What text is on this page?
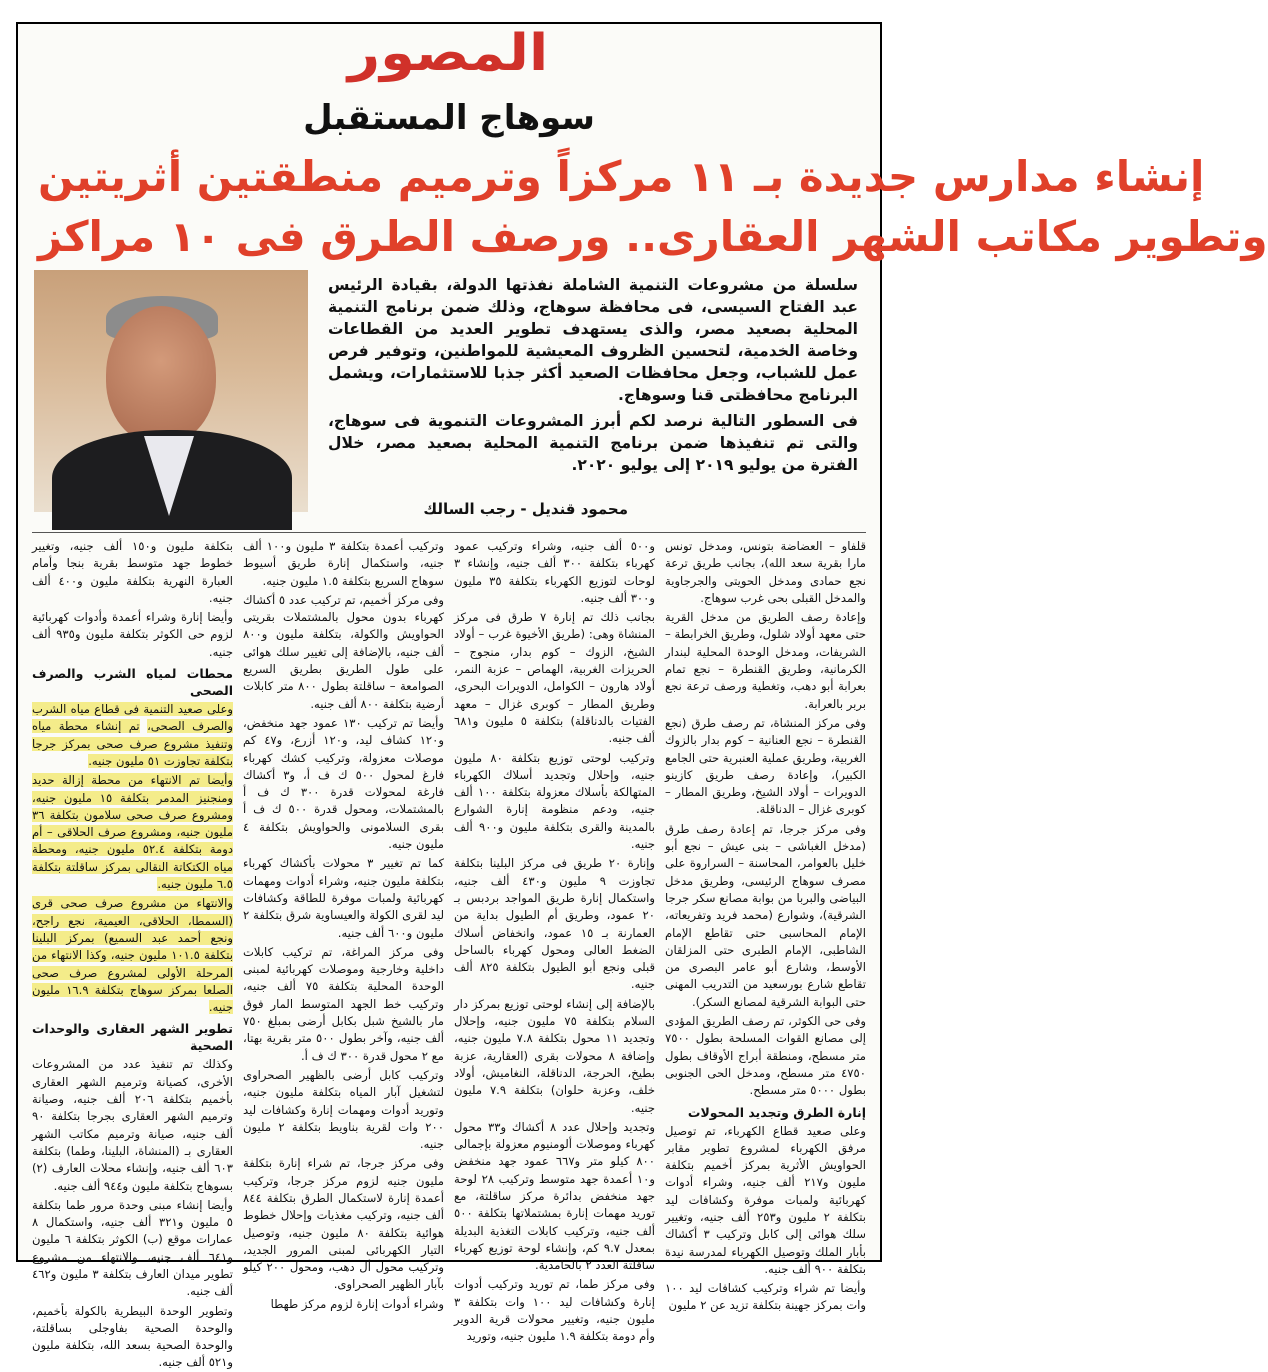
المصور
سوهاج المستقبل
إنشاء مدارس جديدة بـ ١١ مركزاً وترميم منطقتين أثريتين
وتطوير مكاتب الشهر العقارى.. ورصف الطرق فى ١٠ مراكز

سلسلة من مشروعات التنمية الشاملة نفذتها الدولة، بقيادة الرئيس عبد الفتاح السيسى، فى محافظة سوهاج، وذلك ضمن برنامج التنمية المحلية بصعيد مصر، والذى يستهدف تطوير العديد من القطاعات وخاصة الخدمية، لتحسين الظروف المعيشية للمواطنين، وتوفير فرص عمل للشباب، وجعل محافظات الصعيد أكثر جذبا للاستثمارات، ويشمل البرنامج محافظتى قنا وسوهاج.

فى السطور التالية نرصد لكم أبرز المشروعات التنموية فى سوهاج، والتى تم تنفيذها ضمن برنامج التنمية المحلية بصعيد مصر، خلال الفترة من يوليو ٢٠١٩ إلى يوليو ٢٠٢٠.

محمود قنديل - رجب السالك

قلفاو – العضاضة بتونس، ومدخل تونس مارا بقرية سعد الله)، بجانب طريق ترعة نجع حمادى ومدخل الحويتى والجرجاوية والمدخل القبلى بحى غرب سوهاج.

وإعادة رصف الطريق من مدخل القرية حتى معهد أولاد شلول، وطريق الخرابطة – الشريفات، ومدخل الوحدة المحلية لبندار الكرمانية، وطريق القنطرة – نجع تمام بعرابة أبو دهب، وتغطية ورصف ترعة نجع بربر بالعرابة.

وفى مركز المنشاة، تم رصف طرق (نجع القنطرة – نجع العنانية – كوم بدار بالزوك الغربية، وطريق عملية العنبرية حتى الجامع الكبير)، وإعادة رصف طريق كازينو الدويرات – أولاد الشيخ، وطريق المطار – كوبرى غزال – الدناقلة.

وفى مركز جرجا، تم إعادة رصف طرق (مدخل الغباشى – بنى عيش – نجع أبو خليل بالعوامر، المحاسنة – السراروة على مصرف سوهاج الرئيسى، وطريق مدخل البياضى والبربا من بوابة مصانع سكر جرجا الشرقية)، وشوارع (محمد فريد وتفريعاته، الإمام المحاسبى حتى تقاطع الإمام الشاطبى، الإمام الطبرى حتى المزلقان الأوسط، وشارع أبو عامر البصرى من تقاطع شارع بورسعيد من التدريب المهنى حتى البوابة الشرقية لمصانع السكر).

وفى حى الكوثر، تم رصف الطريق المؤدى إلى مصانع القوات المسلحة بطول ٧٥٠٠ متر مسطح، ومنطقة أبراج الأوقاف بطول ٤٧٥٠ متر مسطح، ومدخل الحى الجنوبى بطول ٥٠٠٠ متر مسطح.

إنارة الطرق وتجديد المحولات

وعلى صعيد قطاع الكهرباء، تم توصيل مرفق الكهرباء لمشروع تطوير مقابر الحواويش الأثرية بمركز أخميم بتكلفة مليون و٢١٧ ألف جنيه، وشراء أدوات كهربائية ولمبات موفرة وكشافات ليد بتكلفة ٢ مليون و٢٥٣ ألف جنيه، وتغيير سلك هوائى إلى كابل وتركيب ٣ أكشاك بأبار الملك وتوصيل الكهرباء لمدرسة نيدة بتكلفة ٩٠٠ ألف جنيه.

وأيضا تم شراء وتركيب كشافات ليد ١٠٠ وات بمركز جهينة بتكلفة تزيد عن ٢ مليون

و٥٠٠ ألف جنيه، وشراء وتركيب عمود كهرباء بتكلفة ٣٠٠ ألف جنيه، وإنشاء ٣ لوحات لتوزيع الكهرباء بتكلفة ٣٥ مليون و٣٠٠ ألف جنيه.

بجانب ذلك تم إنارة ٧ طرق فى مركز المنشاة وهى: (طريق الأخيوة غرب – أولاد الشيخ، الزوك – كوم بدار، منجوج – الحريزات الغربية، الهماص – عزبة النمر، أولاد هارون – الكوامل، الدويرات البحرى، وطريق المطار – كوبرى غزال – معهد الفتيات بالدناقلة) بتكلفة ٥ مليون و٦٨١ ألف جنيه.

وتركيب لوحتى توزيع بتكلفة ٨٠ مليون جنيه، وإحلال وتجديد أسلاك الكهرباء المتهالكة بأسلاك معزولة بتكلفة ١٠٠ ألف جنيه، ودعم منظومة إنارة الشوارع بالمدينة والقرى بتكلفة مليون و٩٠٠ ألف جنيه.

وإنارة ٢٠ طريق فى مركز البلينا بتكلفة تجاوزت ٩ مليون و٤٣٠ ألف جنيه، واستكمال إنارة طريق المواجد بردبس بـ ٢٠ عمود، وطريق أم الطيول بداية من العمارنة بـ ١٥ عمود، وانخفاض أسلاك الضغط العالى ومحول كهرباء بالساحل قبلى ونجع أبو الطيول بتكلفة ٨٢٥ ألف جنيه.

بالإضافة إلى إنشاء لوحتى توزيع بمركز دار السلام بتكلفة ٧٥ مليون جنيه، وإحلال وتجديد ١١ محول بتكلفة ٧.٨ مليون جنيه، وإضافة ٨ محولات بقرى (العقارية، عزبة بطيخ، الحرجة، الدناقلة، النغاميش، أولاد خلف، وعزبة حلوان) بتكلفة ٧.٩ مليون جنيه.

وتجديد وإحلال عدد ٨ أكشاك و٣٣ محول كهرباء وموصلات ألومنيوم معزولة بإجمالى ٨٠٠ كيلو متر و٦٦٧ عمود جهد منخفض و١٠ أعمدة جهد متوسط وتركيب ٢٨ لوحة جهد منخفض بدائرة مركز ساقلتة، مع توريد مهمات إنارة بمشتملاتها بتكلفة ٥٠٠ ألف جنيه، وتركيب كابلات التغذية البديلة بمعدل ٩.٧ كم، وإنشاء لوحة توزيع كهرباء ساقلتة العدد ٢ بالحامدية.

وفى مركز طما، تم توريد وتركيب أدوات إنارة وكشافات ليد ١٠٠ وات بتكلفة ٣ مليون جنيه، وتغيير محولات قرية الدوير وأم دومة بتكلفة ١.٩ مليون جنيه، وتوريد

وتركيب أعمدة بتكلفة ٣ مليون و١٠٠ ألف جنيه، واستكمال إنارة طريق أسيوط سوهاج السريع بتكلفة ١.٥ مليون جنيه.

وفى مركز أخميم، تم تركيب عدد ٥ أكشاك كهرباء بدون محول بالمشتملات بقريتى الحواويش والكولة، بتكلفة مليون و٨٠٠ ألف جنيه، بالإضافة إلى تغيير سلك هوائى على طول الطريق بطريق السريع الصوامعة – ساقلتة بطول ٨٠٠ متر كابلات أرضية بتكلفة ٨٠٠ ألف جنيه.

وأيضا تم تركيب ١٣٠ عمود جهد منخفض، و١٢٠ كشاف ليد، و١٢٠ أزرع، و٤٧ كم موصلات معزولة، وتركيب كشك كهرباء فارغ لمحول ٥٠٠ ك ف أ، و٣ أكشاك فارغة لمحولات قدرة ٣٠٠ ك ف أ بالمشتملات، ومحول قدرة ٥٠٠ ك ف أ بقرى السلامونى والحواويش بتكلفة ٤ مليون جنيه.

كما تم تغيير ٣ محولات بأكشاك كهرباء بتكلفة مليون جنيه، وشراء أدوات ومهمات كهربائية ولمبات موفرة للطاقة وكشافات ليد لقرى الكولة والعيساوية شرق بتكلفة ٢ مليون و٦٠٠ ألف جنيه.

وفى مركز المراغة، تم تركيب كابلات داخلية وخارجية وموصلات كهربائية لمبنى الوحدة المحلية بتكلفة ٧٥ ألف جنيه، وتركيب خط الجهد المتوسط المار فوق مار بالشيخ شبل بكابل أرضى بمبلغ ٧٥٠ ألف جنيه، وآخر بطول ٥٠٠ متر بقرية بهتا، مع ٢ محول قدرة ٣٠٠ ك ف أ.

وتركيب كابل أرضى بالظهير الصحراوى لتشغيل آبار المياه بتكلفة مليون جنيه، وتوريد أدوات ومهمات إنارة وكشافات ليد ٢٠٠ وات لقرية بناويط بتكلفة ٢ مليون جنيه.

وفى مركز جرجا، تم شراء إنارة بتكلفة مليون جنيه لزوم مركز جرجا، وتركيب أعمدة إنارة لاستكمال الطرق بتكلفة ٨٤٤ ألف جنيه، وتركيب مغذيات وإحلال خطوط هوائية بتكلفة ٨٠ مليون جنيه، وتوصيل التيار الكهربائى لمبنى المرور الجديد، وتركيب محول أل دهب، ومحول ٢٠٠ كيلو بآبار الظهير الصحراوى.

وشراء أدوات إنارة لزوم مركز طهطا

بتكلفة مليون و١٥٠ ألف جنيه، وتغيير خطوط جهد متوسط بقرية بنجا وأمام العبارة النهرية بتكلفة مليون و٤٠٠ ألف جنيه.

وأيضا إنارة وشراء أعمدة وأدوات كهربائية لزوم حى الكوثر بتكلفة مليون و٩٣٥ ألف جنيه.

محطات لمياه الشرب والصرف الصحى

وعلى صعيد التنمية فى قطاع مياه الشرب والصرف الصحى، تم إنشاء محطة مياه وتنفيذ مشروع صرف صحى بمركز جرجا بتكلفة تجاوزت ٥١ مليون جنيه.

وأيضا تم الانتهاء من محطة إزالة حديد ومنجنيز المدمر بتكلفة ١٥ مليون جنيه، ومشروع صرف صحى سلامون بتكلفة ٣٦ مليون جنيه، ومشروع صرف الحلاقى – أم دومة بتكلفة ٥٢.٤ مليون جنيه، ومحطة مياه الكتكاتة النقالى بمركز ساقلتة بتكلفة ٦.٥ مليون جنيه.

والانتهاء من مشروع صرف صحى قرى (السمطا، الحلاقى، العيمية، نجع راجح، ونجع أحمد عبد السميع) بمركز البلينا بتكلفة ١٠١.٥ مليون جنيه، وكذا الانتهاء من المرحلة الأولى لمشروع صرف صحى الصلعا بمركز سوهاج بتكلفة ١٦.٩ مليون جنيه.

تطوير الشهر العقارى والوحدات الصحية

وكذلك تم تنفيذ عدد من المشروعات الأخرى، كصيانة وترميم الشهر العقارى بأخميم بتكلفة ٢٠٦ ألف جنيه، وصيانة وترميم الشهر العقارى بجرجا بتكلفة ٩٠ ألف جنيه، صيانة وترميم مكاتب الشهر العقارى بـ (المنشاة، البلينا، وطما) بتكلفة ٦٠٣ ألف جنيه، وإنشاء محلات العارف (٢) بسوهاج بتكلفة مليون و٩٤٤ ألف جنيه.

وأيضا إنشاء مبنى وحدة مرور طما بتكلفة ٥ مليون و٣٢١ ألف جنيه، واستكمال ٨ عمارات موقع (ب) الكوثر بتكلفة ٦ مليون و٦٤١ ألف جنيه، والانتهاء من مشروع تطوير ميدان العارف بتكلفة ٣ مليون و٤٦٢ ألف جنيه.

وتطوير الوحدة البيطرية بالكولة بأخميم، والوحدة الصحية بفاوجلى بساقلتة، والوحدة الصحية بسعد الله، بتكلفة مليون و٥٢١ ألف جنيه.
